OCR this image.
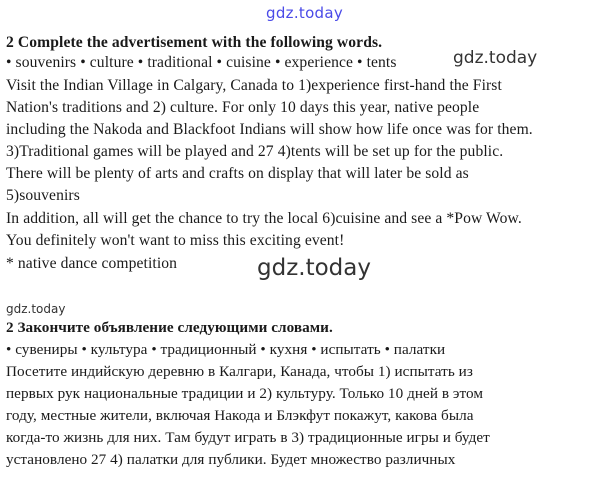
gdz.today
2 Complete the advertisement with the following words.
• souvenirs • culture • traditional • cuisine • experience • tents	gdz.today
Visit the Indian Village in Calgary, Canada to 1)experience first-hand the First
Nation's traditions and 2) culture. For only 10 days this year, native people
including the Nakoda and Blackfoot Indians will show how life once was for them.
3)Traditional games will be played and 27 4)tents will be set up for the public.
There will be plenty of arts and crafts on display that will later be sold as
5)souvenirs
In addition, all will get the chance to try the local 6)cuisine and see a *Pow Wow.
You definitely won't want to miss this exciting event!
* native dance competition	gdz.today
gdz.today
2 Закончите объявление следующими словами.
• сувениры • культура • традиционный • кухня • испытать • палатки
Посетите индийскую деревню в Калгари, Канада, чтобы 1) испытать из
первых рук национальные традиции и 2) культуру. Только 10 дней в этом
году, местные жители, включая Накода и Блэкфут покажут, какова была
когда-то жизнь для них. Там будут играть в 3) традиционные игры и будет
установлено 27 4) палатки для публики. Будет множество различных
